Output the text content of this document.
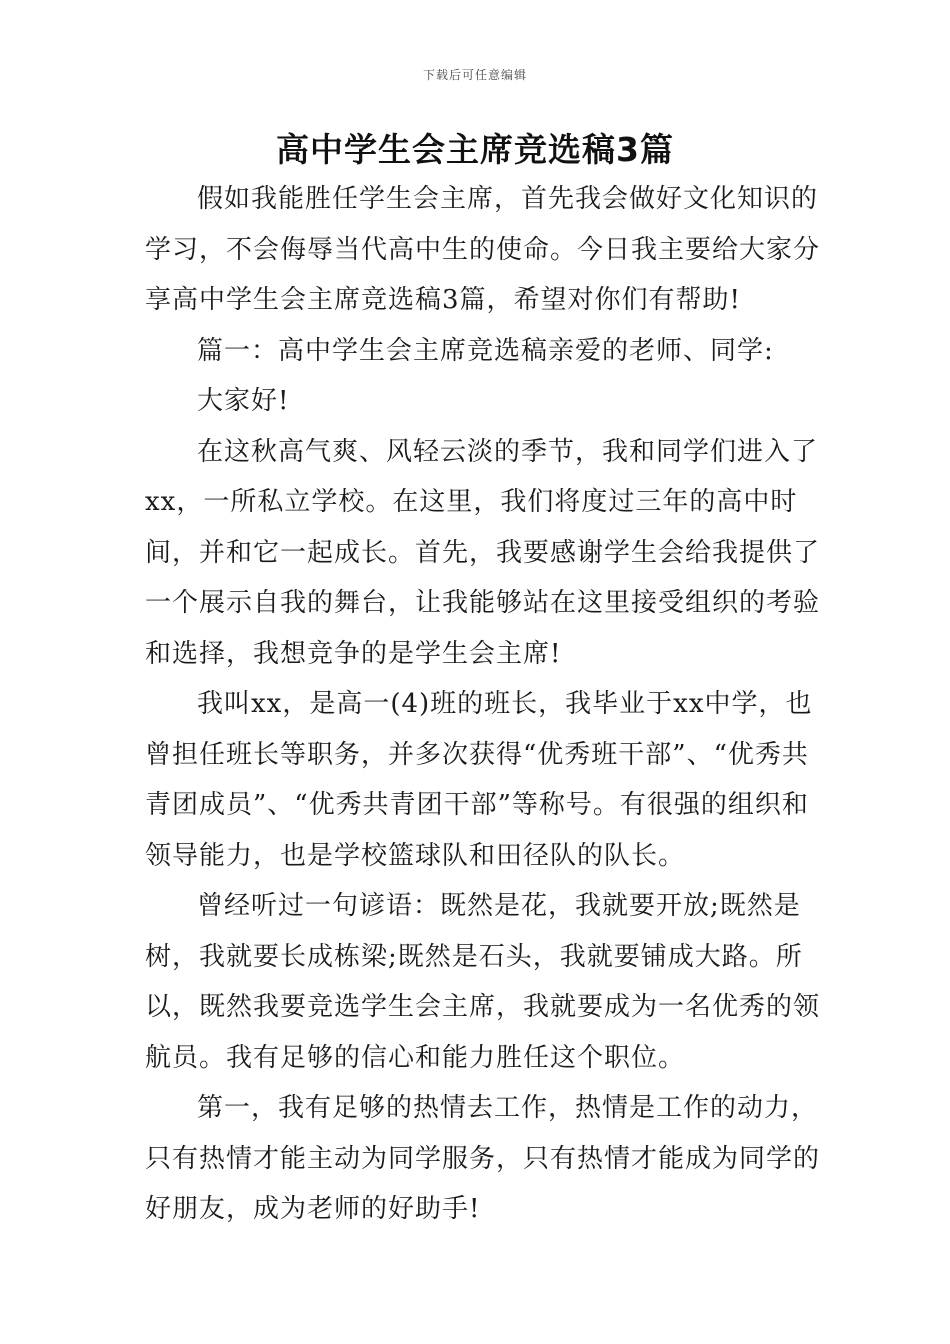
下载后可任意编辑
高中学生会主席竞选稿3篇

假如我能胜任学生会主席，首先我会做好文化知识的学习，不会侮辱当代高中生的使命。今日我主要给大家分享高中学生会主席竞选稿3篇，希望对你们有帮助!

篇一：高中学生会主席竞选稿亲爱的老师、同学:

大家好!

在这秋高气爽、风轻云淡的季节，我和同学们进入了xx，一所私立学校。在这里，我们将度过三年的高中时间，并和它一起成长。首先，我要感谢学生会给我提供了一个展示自我的舞台，让我能够站在这里接受组织的考验和选择，我想竞争的是学生会主席!

我叫xx，是高一(4)班的班长，我毕业于xx中学，也曾担任班长等职务，并多次获得“优秀班干部”、“优秀共青团成员”、“优秀共青团干部”等称号。有很强的组织和领导能力，也是学校篮球队和田径队的队长。

曾经听过一句谚语：既然是花，我就要开放;既然是树，我就要长成栋梁;既然是石头，我就要铺成大路。所以，既然我要竞选学生会主席，我就要成为一名优秀的领航员。我有足够的信心和能力胜任这个职位。

第一，我有足够的热情去工作，热情是工作的动力，只有热情才能主动为同学服务，只有热情才能成为同学的好朋友，成为老师的好助手!
